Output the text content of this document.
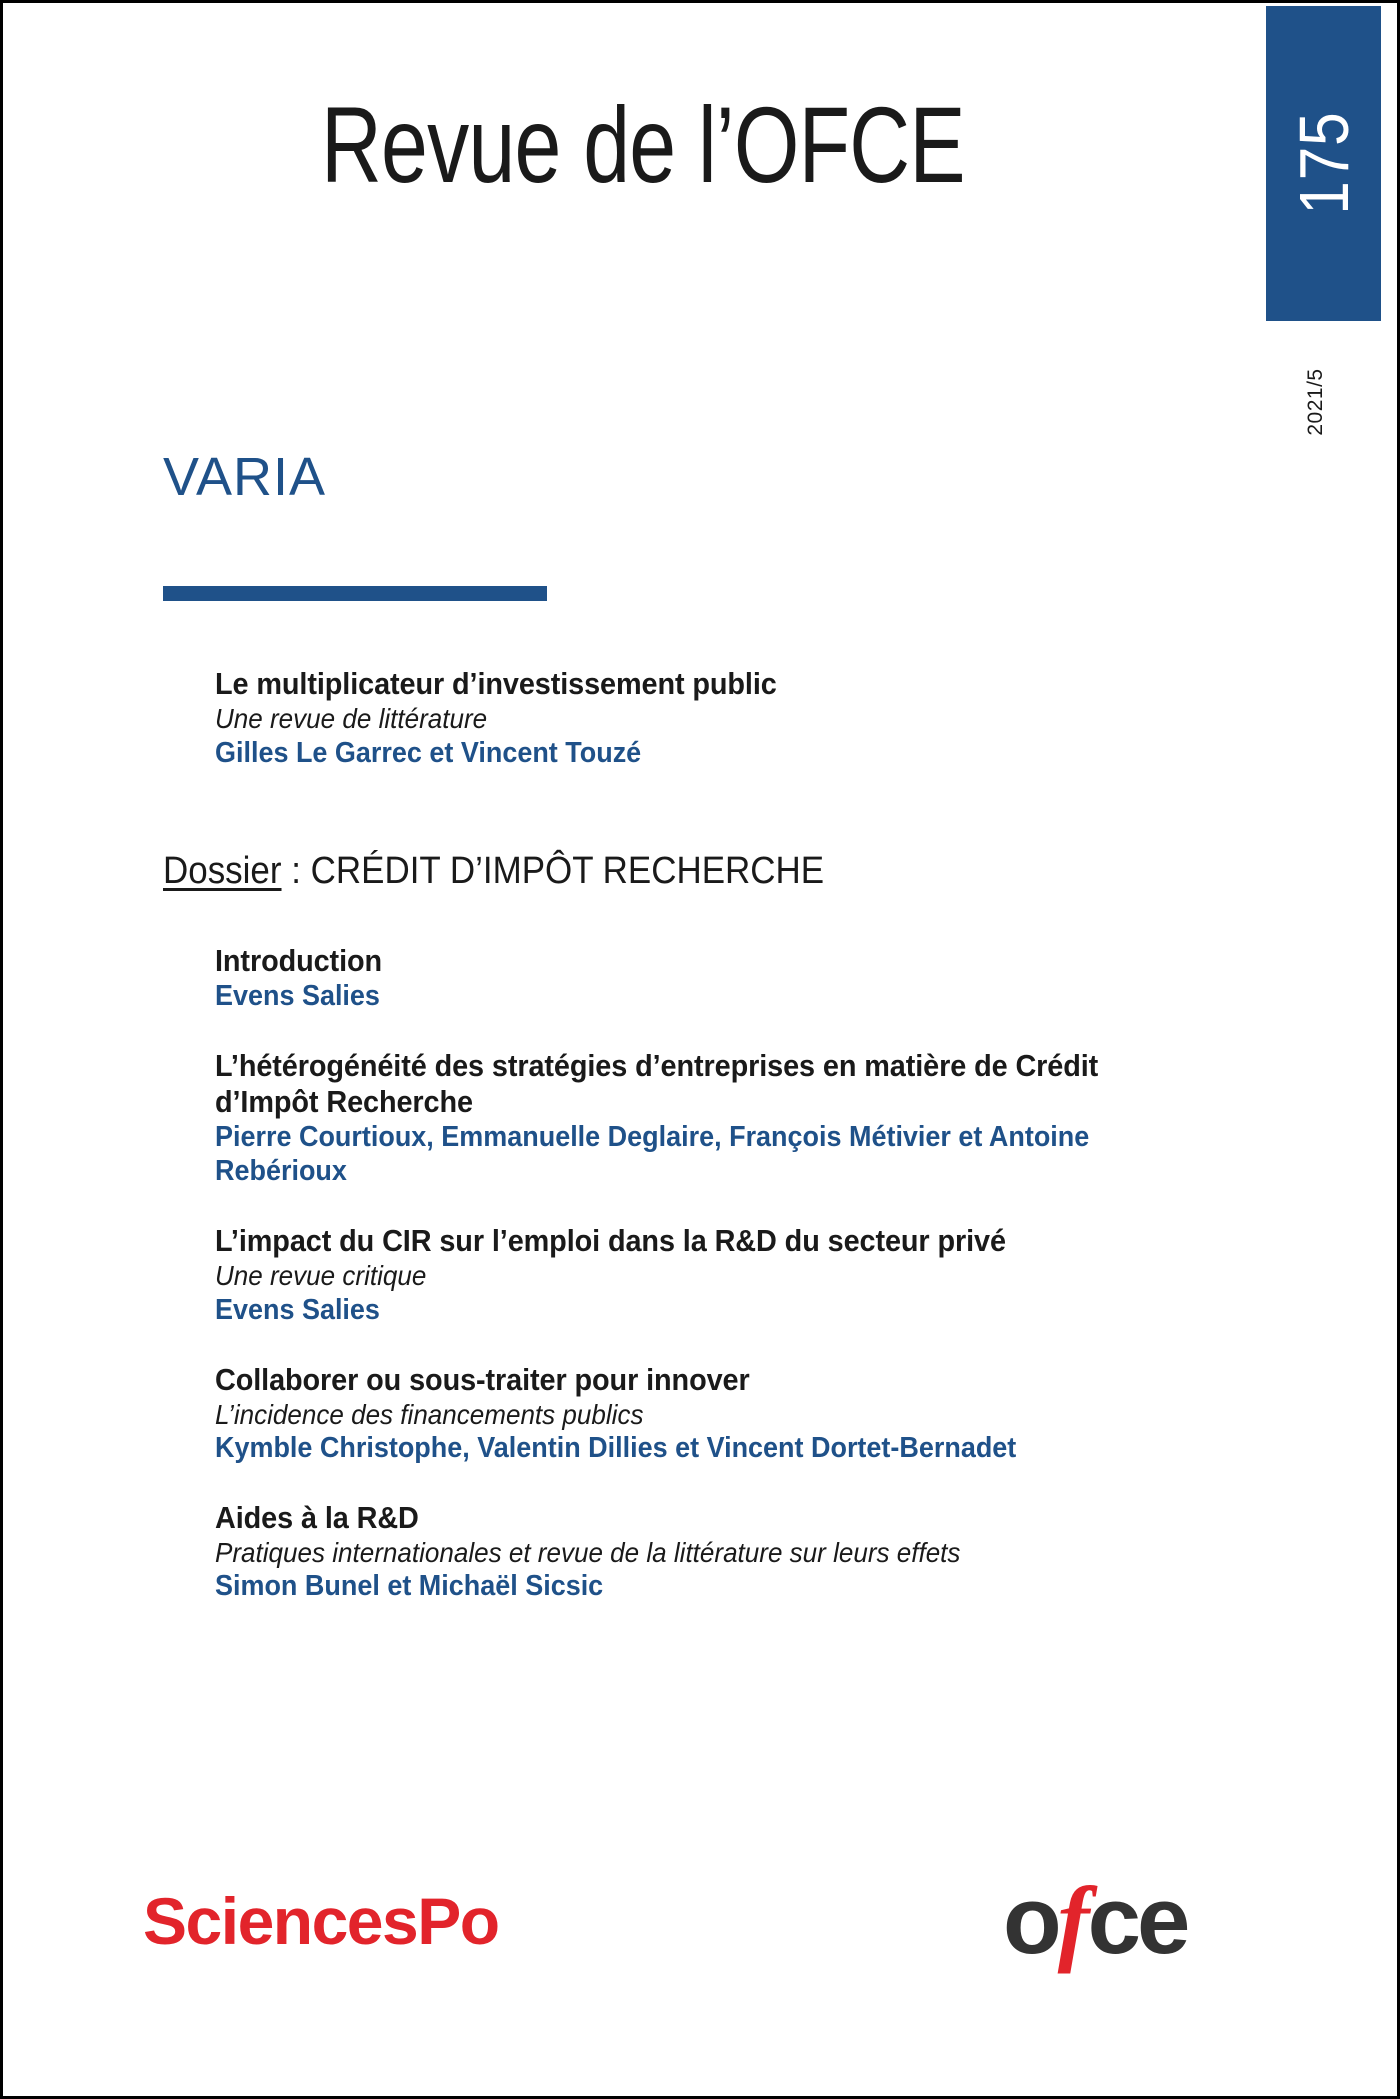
Revue de l’OFCE	175
2021/5
VARIA
Le multiplicateur d’investissement public
Une revue de littérature
Gilles Le Garrec et Vincent Touzé
Dossier : CRÉDIT D’IMPÔT RECHERCHE
Introduction
Evens Salies
L’hétérogénéité des stratégies d’entreprises en matière de Crédit d’Impôt Recherche
Pierre Courtioux, Emmanuelle Deglaire, François Métivier et Antoine Rebérioux
L’impact du CIR sur l’emploi dans la R&D du secteur privé
Une revue critique
Evens Salies
Collaborer ou sous-traiter pour innover
L’incidence des financements publics
Kymble Christophe, Valentin Dillies et Vincent Dortet-Bernadet
Aides à la R&D
Pratiques internationales et revue de la littérature sur leurs effets
Simon Bunel et Michaël Sicsic
SciencesPo	ofce
